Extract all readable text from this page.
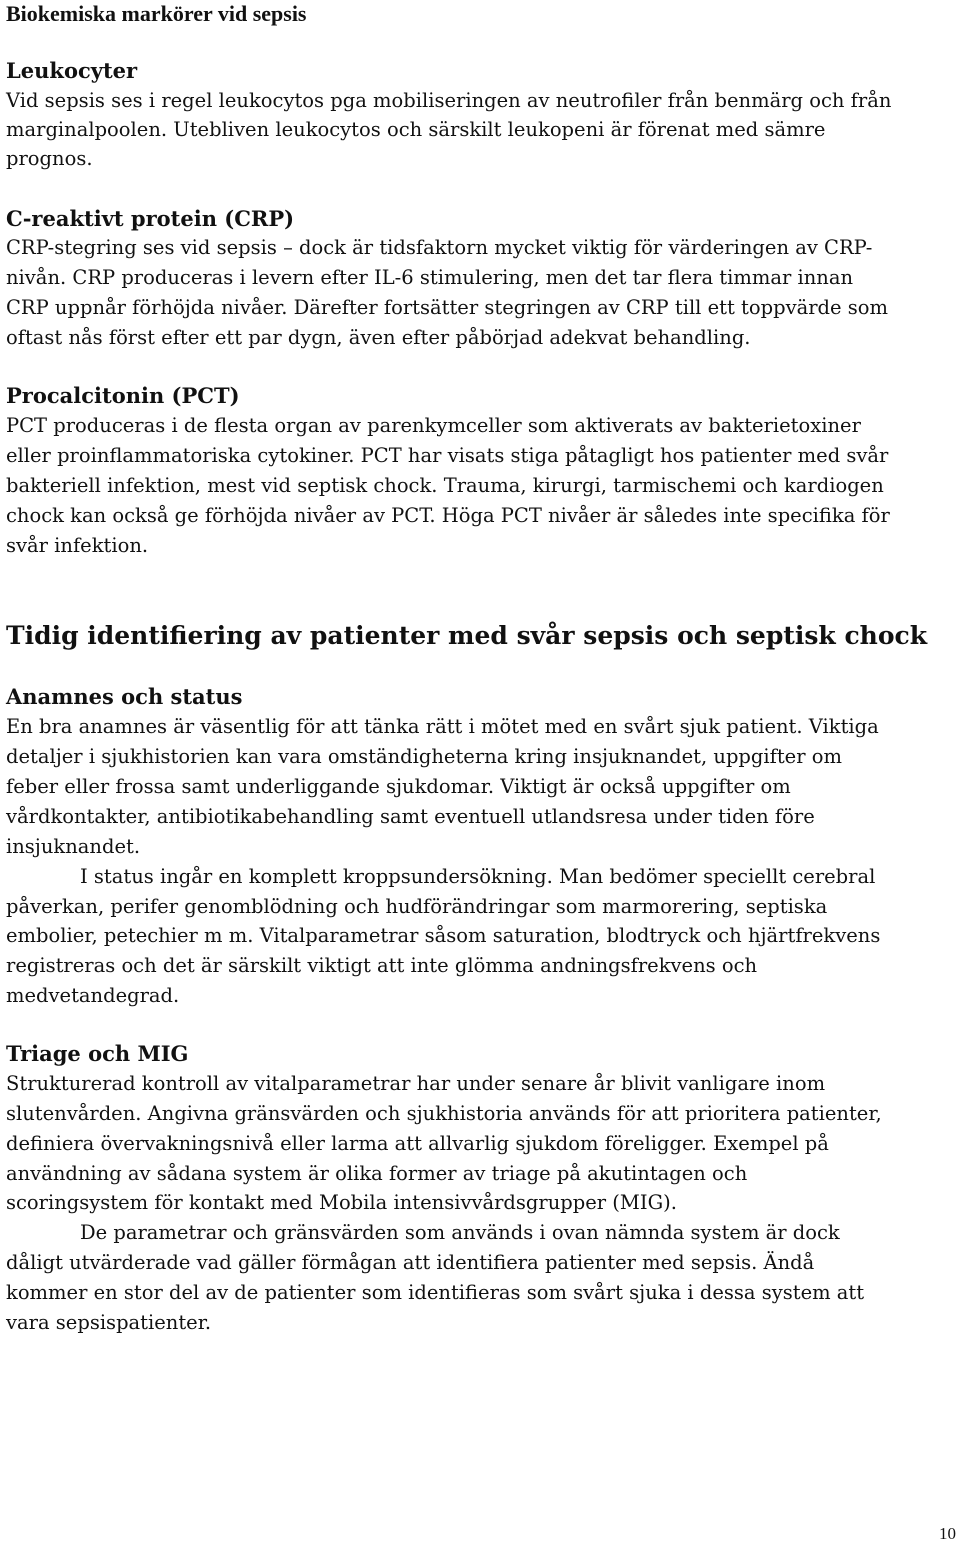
Biokemiska markörer vid sepsis
Leukocyter
Vid sepsis ses i regel leukocytos pga mobiliseringen av neutrofiler från benmärg och från
marginalpoolen. Utebliven leukocytos och särskilt leukopeni är förenat med sämre
prognos.
C-reaktivt protein (CRP)
CRP-stegring ses vid sepsis – dock är tidsfaktorn mycket viktig för värderingen av CRP-
nivån. CRP produceras i levern efter IL-6 stimulering, men det tar flera timmar innan
CRP uppnår förhöjda nivåer. Därefter fortsätter stegringen av CRP till ett toppvärde som
oftast nås först efter ett par dygn, även efter påbörjad adekvat behandling.
Procalcitonin (PCT)
PCT produceras i de flesta organ av parenkymceller som aktiverats av bakterietoxiner
eller proinflammatoriska cytokiner. PCT har visats stiga påtagligt hos patienter med svår
bakteriell infektion, mest vid septisk chock. Trauma, kirurgi, tarmischemi och kardiogen
chock kan också ge förhöjda nivåer av PCT. Höga PCT nivåer är således inte specifika för
svår infektion.
Tidig identifiering av patienter med svår sepsis och septisk chock
Anamnes och status
En bra anamnes är väsentlig för att tänka rätt i mötet med en svårt sjuk patient. Viktiga
detaljer i sjukhistorien kan vara omständigheterna kring insjuknandet, uppgifter om
feber eller frossa samt underliggande sjukdomar. Viktigt är också uppgifter om
vårdkontakter, antibiotikabehandling samt eventuell utlandsresa under tiden före
insjuknandet.
I status ingår en komplett kroppsundersökning. Man bedömer speciellt cerebral
påverkan, perifer genomblödning och hudförändringar som marmorering, septiska
embolier, petechier m m. Vitalparametrar såsom saturation, blodtryck och hjärtfrekvens
registreras och det är särskilt viktigt att inte glömma andningsfrekvens och
medvetandegrad.
Triage och MIG
Strukturerad kontroll av vitalparametrar har under senare år blivit vanligare inom
slutenvården. Angivna gränsvärden och sjukhistoria används för att prioritera patienter,
definiera övervakningsnivå eller larma att allvarlig sjukdom föreligger. Exempel på
användning av sådana system är olika former av triage på akutintagen och
scoringsystem för kontakt med Mobila intensivvårdsgrupper (MIG).
De parametrar och gränsvärden som används i ovan nämnda system är dock
dåligt utvärderade vad gäller förmågan att identifiera patienter med sepsis. Ändå
kommer en stor del av de patienter som identifieras som svårt sjuka i dessa system att
vara sepsispatienter.
10
